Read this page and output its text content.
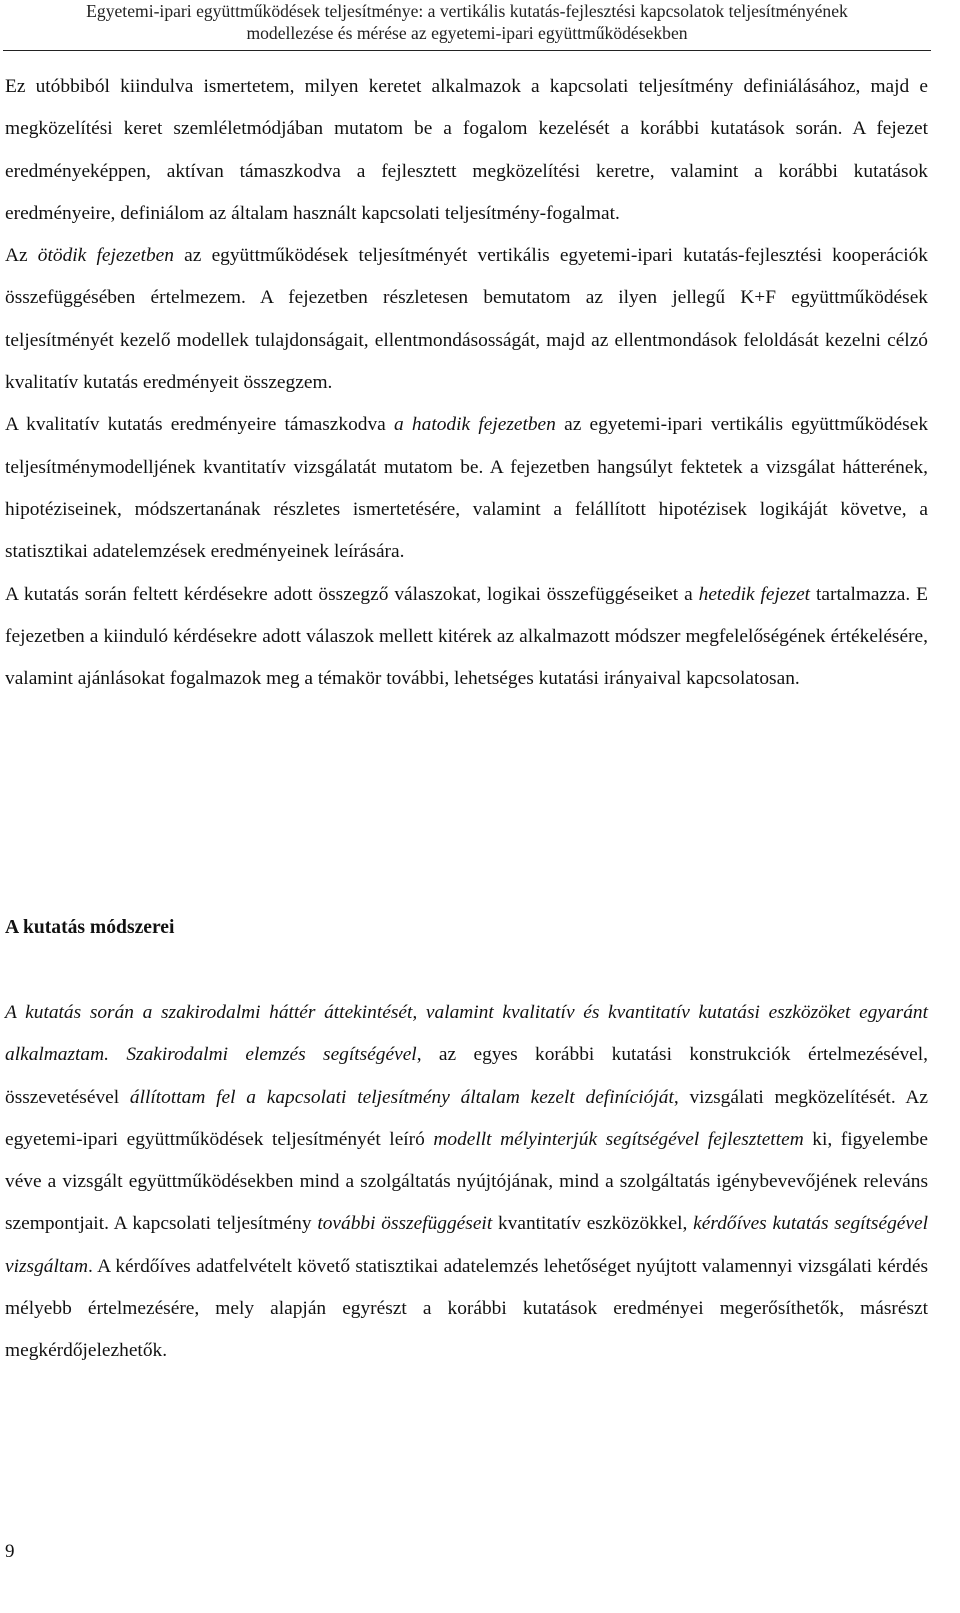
Egyetemi-ipari együttműködések teljesítménye: a vertikális kutatás-fejlesztési kapcsolatok teljesítményének
modellezése és mérése az egyetemi-ipari együttműködésekben

Ez utóbbiból kiindulva ismertetem, milyen keretet alkalmazok a kapcsolati teljesítmény definiálásához, majd e megközelítési keret szemléletmódjában mutatom be a fogalom kezelését a korábbi kutatások során. A fejezet eredményeképpen, aktívan támaszkodva a fejlesztett megközelítési keretre, valamint a korábbi kutatások eredményeire, definiálom az általam használt kapcsolati teljesítmény-fogalmat.

Az ötödik fejezetben az együttműködések teljesítményét vertikális egyetemi-ipari kutatás-fejlesztési kooperációk összefüggésében értelmezem. A fejezetben részletesen bemutatom az ilyen jellegű K+F együttműködések teljesítményét kezelő modellek tulajdonságait, ellentmondásosságát, majd az ellentmondások feloldását kezelni célzó kvalitatív kutatás eredményeit összegzem.

A kvalitatív kutatás eredményeire támaszkodva a hatodik fejezetben az egyetemi-ipari vertikális együttműködések teljesítménymodelljének kvantitatív vizsgálatát mutatom be. A fejezetben hangsúlyt fektetek a vizsgálat hátterének, hipotéziseinek, módszertanának részletes ismertetésére, valamint a felállított hipotézisek logikáját követve, a statisztikai adatelemzések eredményeinek leírására.

A kutatás során feltett kérdésekre adott összegző válaszokat, logikai összefüggéseiket a hetedik fejezet tartalmazza. E fejezetben a kiinduló kérdésekre adott válaszok mellett kitérek az alkalmazott módszer megfelelőségének értékelésére, valamint ajánlásokat fogalmazok meg a témakör további, lehetséges kutatási irányaival kapcsolatosan.

A kutatás módszerei

A kutatás során a szakirodalmi háttér áttekintését, valamint kvalitatív és kvantitatív kutatási eszközöket egyaránt alkalmaztam. Szakirodalmi elemzés segítségével, az egyes korábbi kutatási konstrukciók értelmezésével, összevetésével állítottam fel a kapcsolati teljesítmény általam kezelt definícióját, vizsgálati megközelítését. Az egyetemi-ipari együttműködések teljesítményét leíró modellt mélyinterjúk segítségével fejlesztettem ki, figyelembe véve a vizsgált együttműködésekben mind a szolgáltatás nyújtójának, mind a szolgáltatás igénybevevőjének releváns szempontjait. A kapcsolati teljesítmény további összefüggéseit kvantitatív eszközökkel, kérdőíves kutatás segítségével vizsgáltam. A kérdőíves adatfelvételt követő statisztikai adatelemzés lehetőséget nyújtott valamennyi vizsgálati kérdés mélyebb értelmezésére, mely alapján egyrészt a korábbi kutatások eredményei megerősíthetők, másrészt megkérdőjelezhetők.

9
